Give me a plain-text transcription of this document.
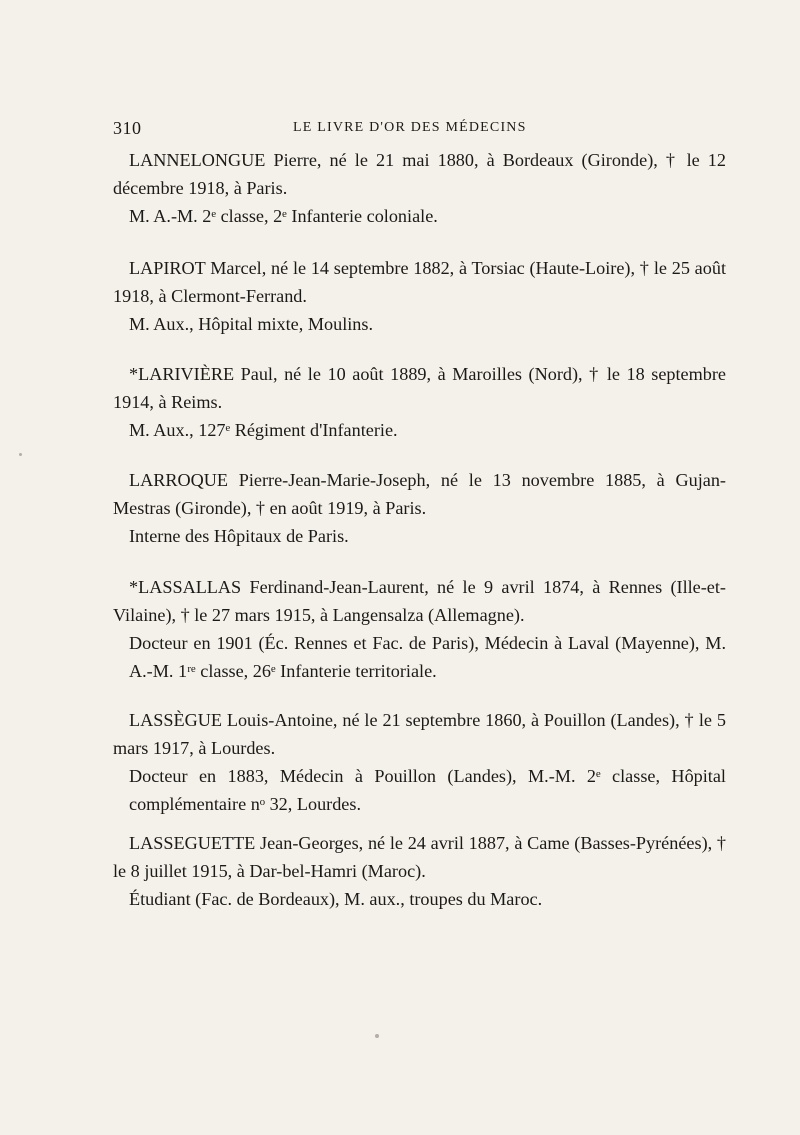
310	LE LIVRE D'OR DES MÉDECINS

LANNELONGUE Pierre, né le 21 mai 1880, à Bordeaux (Gironde), † le 12 décembre 1918, à Paris.

M. A.-M. 2ᵉ classe, 2ᵉ Infanterie coloniale.

LAPIROT Marcel, né le 14 septembre 1882, à Torsiac (Haute-Loire), † le 25 août 1918, à Clermont-Ferrand.

M. Aux., Hôpital mixte, Moulins.

*LARIVIÈRE Paul, né le 10 août 1889, à Maroilles (Nord), † le 18 septembre 1914, à Reims.

M. Aux., 127ᵉ Régiment d'Infanterie.

LARROQUE Pierre-Jean-Marie-Joseph, né le 13 novembre 1885, à Gujan-Mestras (Gironde), † en août 1919, à Paris.

Interne des Hôpitaux de Paris.

*LASSALLAS Ferdinand-Jean-Laurent, né le 9 avril 1874, à Rennes (Ille-et-Vilaine), † le 27 mars 1915, à Langensalza (Allemagne).

Docteur en 1901 (Éc. Rennes et Fac. de Paris), Médecin à Laval (Mayenne), M. A.-M. 1ʳᵉ classe, 26ᵉ Infanterie territoriale.

LASSÈGUE Louis-Antoine, né le 21 septembre 1860, à Pouillon (Landes), † le 5 mars 1917, à Lourdes.

Docteur en 1883, Médecin à Pouillon (Landes), M.-M. 2ᵉ classe, Hôpital complémentaire nᵒ 32, Lourdes.

LASSEGUETTE Jean-Georges, né le 24 avril 1887, à Came (Basses-Pyrénées), † le 8 juillet 1915, à Dar-bel-Hamri (Maroc).

Étudiant (Fac. de Bordeaux), M. aux., troupes du Maroc.
